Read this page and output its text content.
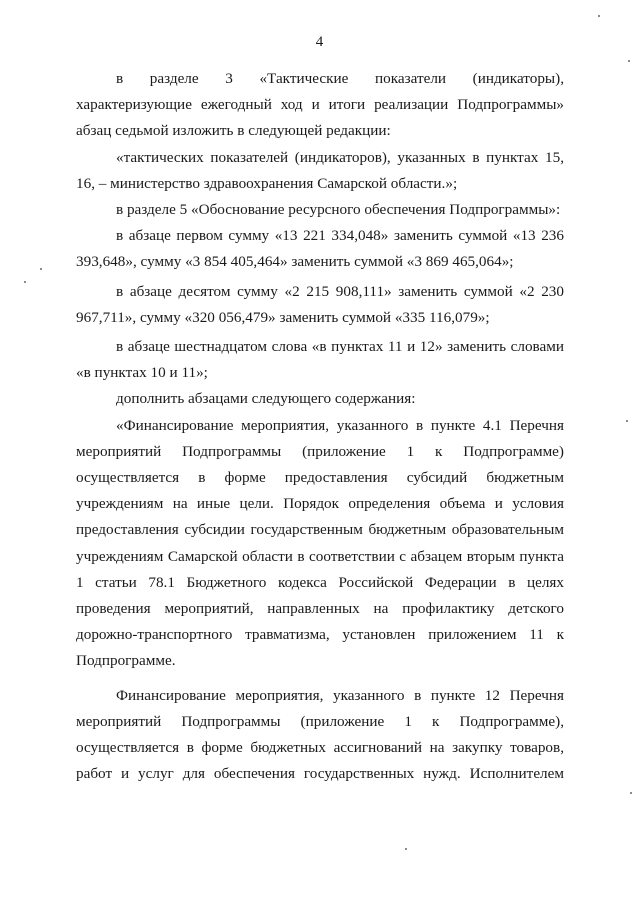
4

в разделе 3 «Тактические показатели (индикаторы), характеризующие ежегодный ход и итоги реализации Подпрограммы» абзац седьмой изложить в следующей редакции:

«тактических показателей (индикаторов), указанных в пунктах 15, 16, – министерство здравоохранения Самарской области.»;

в разделе 5 «Обоснование ресурсного обеспечения Подпрограммы»:

в абзаце первом сумму «13 221 334,048» заменить суммой «13 236 393,648», сумму «3 854 405,464» заменить суммой «3 869 465,064»;

в абзаце десятом сумму «2 215 908,111» заменить суммой «2 230 967,711», сумму «320 056,479» заменить суммой «335 116,079»;

в абзаце шестнадцатом слова «в пунктах 11 и 12» заменить словами «в пунктах 10 и 11»;

дополнить абзацами следующего содержания:

«Финансирование мероприятия, указанного в пункте 4.1 Перечня мероприятий Подпрограммы (приложение 1 к Подпрограмме) осуществляется в форме предоставления субсидий бюджетным учреждениям на иные цели. Порядок определения объема и условия предоставления субсидии государственным бюджетным образовательным учреждениям Самарской области в соответствии с абзацем вторым пункта 1 статьи 78.1 Бюджетного кодекса Российской Федерации в целях проведения мероприятий, направленных на профилактику детского дорожно-транспортного травматизма, установлен приложением 11 к Подпрограмме.

Финансирование мероприятия, указанного в пункте 12 Перечня мероприятий Подпрограммы (приложение 1 к Подпрограмме), осуществляется в форме бюджетных ассигнований на закупку товаров, работ и услуг для обеспечения государственных нужд. Исполнителем
